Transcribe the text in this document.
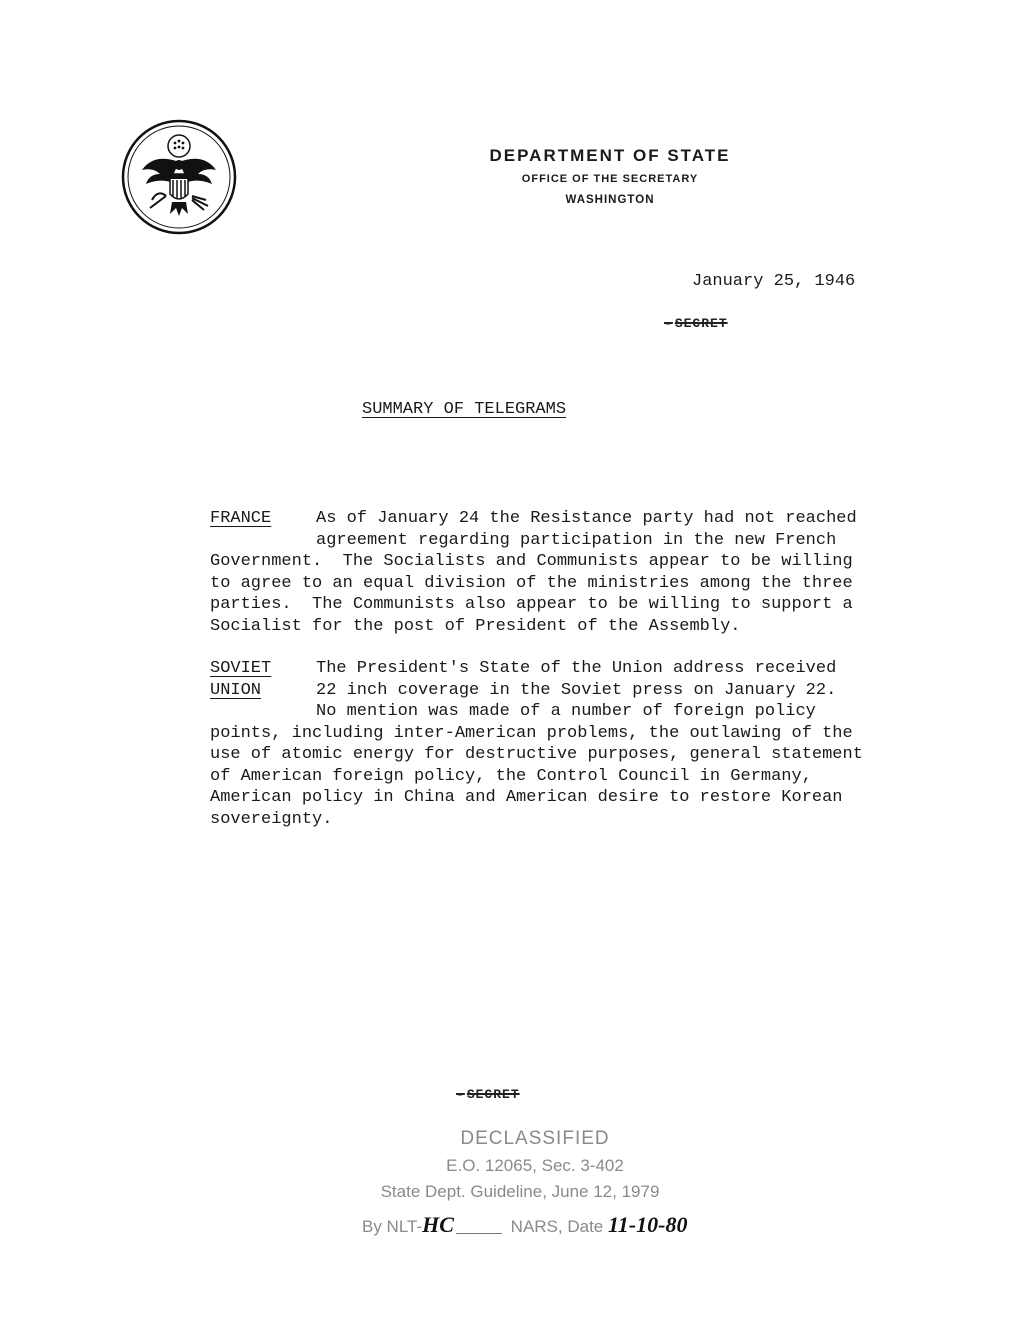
DEPARTMENT OF STATE

OFFICE OF THE SECRETARY

WASHINGTON

January 25, 1946
- SECRET
SUMMARY OF TELEGRAMS
FRANCE	As of January 24 the Resistance party had not reached
agreement regarding participation in the new French
Government.  The Socialists and Communists appear to be willing
to agree to an equal division of the ministries among the three
parties.  The Communists also appear to be willing to support a
Socialist for the post of President of the Assembly.
SOVIET
UNION
The President's State of the Union address received
22 inch coverage in the Soviet press on January 22.
No mention was made of a number of foreign policy
points, including inter-American problems, the outlawing of the
use of atomic energy for destructive purposes, general statement
of American foreign policy, the Control Council in Germany,
American policy in China and American desire to restore Korean
sovereignty.
- SECRET

DECLASSIFIED

E.O. 12065, Sec. 3-402

State Dept. Guideline, June 12, 1979

By NLT-HC	NARS, Date 11-10-80
